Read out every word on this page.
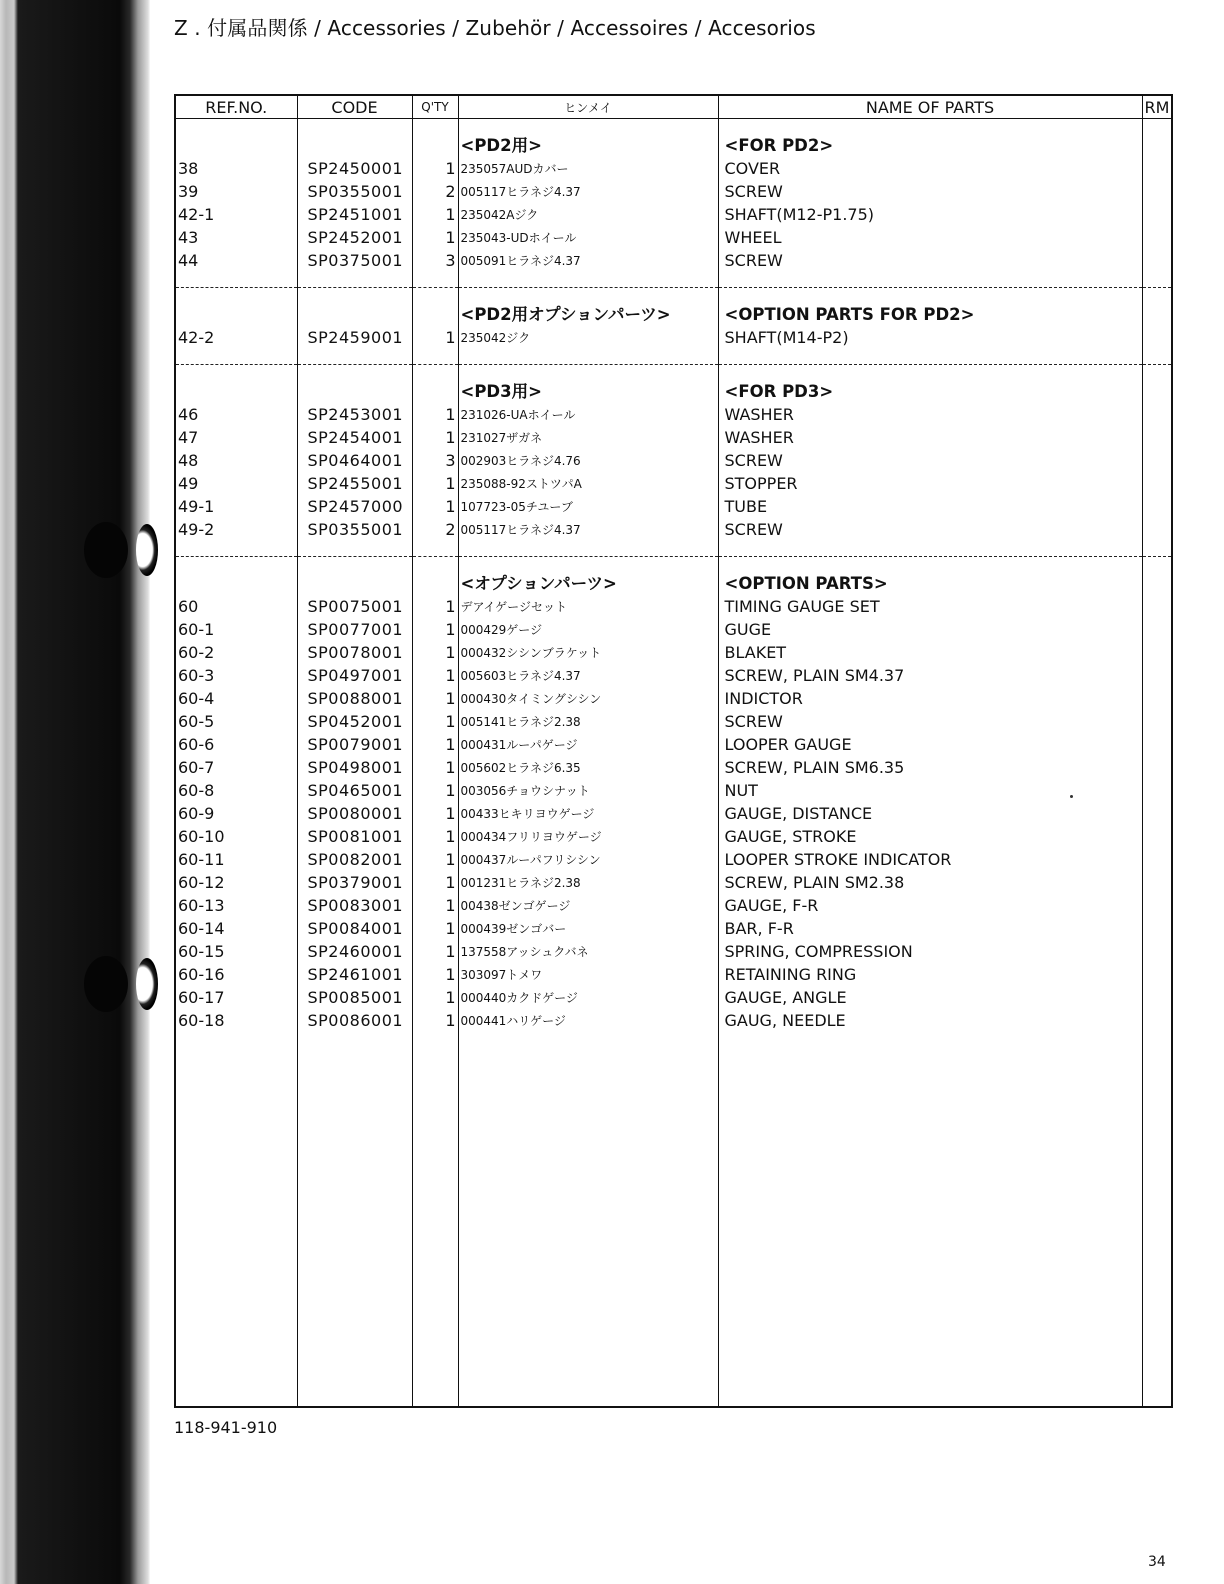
Z . 付属品関係 / Accessories / Zubehör / Accessoires / Accesorios
REF.NO.	CODE	Q'TY	ヒンメイ	NAME OF PARTS	RM

			<PD2用>	<FOR PD2>	
38	SP2450001	1	235057AUDカバー	COVER	
39	SP0355001	2	005117ヒラネジ4.37	SCREW	
42-1	SP2451001	1	235042Aジク	SHAFT(M12-P1.75)	
43	SP2452001	1	235043-UDホイール	WHEEL	
44	SP0375001	3	005091ヒラネジ4.37	SCREW	

			<PD2用オプションパーツ>	<OPTION PARTS FOR PD2>	
42-2	SP2459001	1	235042ジク	SHAFT(M14-P2)	

			<PD3用>	<FOR PD3>	
46	SP2453001	1	231026-UAホイール	WASHER	
47	SP2454001	1	231027ザガネ	WASHER	
48	SP0464001	3	002903ヒラネジ4.76	SCREW	
49	SP2455001	1	235088-92ストツパA	STOPPER	
49-1	SP2457000	1	107723-05チユーブ	TUBE	
49-2	SP0355001	2	005117ヒラネジ4.37	SCREW	

			<オプションパーツ>	<OPTION PARTS>	
60	SP0075001	1	デアイゲージセット	TIMING GAUGE SET	
60-1	SP0077001	1	000429ゲージ	GUGE	
60-2	SP0078001	1	000432シシンブラケット	BLAKET	
60-3	SP0497001	1	005603ヒラネジ4.37	SCREW, PLAIN SM4.37	
60-4	SP0088001	1	000430タイミングシシン	INDICTOR	
60-5	SP0452001	1	005141ヒラネジ2.38	SCREW	
60-6	SP0079001	1	000431ルーパゲージ	LOOPER GAUGE	
60-7	SP0498001	1	005602ヒラネジ6.35	SCREW, PLAIN SM6.35	
60-8	SP0465001	1	003056チョウシナット	NUT	
60-9	SP0080001	1	00433ヒキリヨウゲージ	GAUGE, DISTANCE	
60-10	SP0081001	1	000434フリリヨウゲージ	GAUGE, STROKE	
60-11	SP0082001	1	000437ルーパフリシシン	LOOPER STROKE INDICATOR	
60-12	SP0379001	1	001231ヒラネジ2.38	SCREW, PLAIN SM2.38	
60-13	SP0083001	1	00438ゼンゴゲージ	GAUGE, F-R	
60-14	SP0084001	1	000439ゼンゴバー	BAR, F-R	
60-15	SP2460001	1	137558アッシュクバネ	SPRING, COMPRESSION	
60-16	SP2461001	1	303097トメワ	RETAINING RING	
60-17	SP0085001	1	000440カクドゲージ	GAUGE, ANGLE	
60-18	SP0086001	1	000441ハリゲージ	GAUG, NEEDLE	

118-941-910
34
